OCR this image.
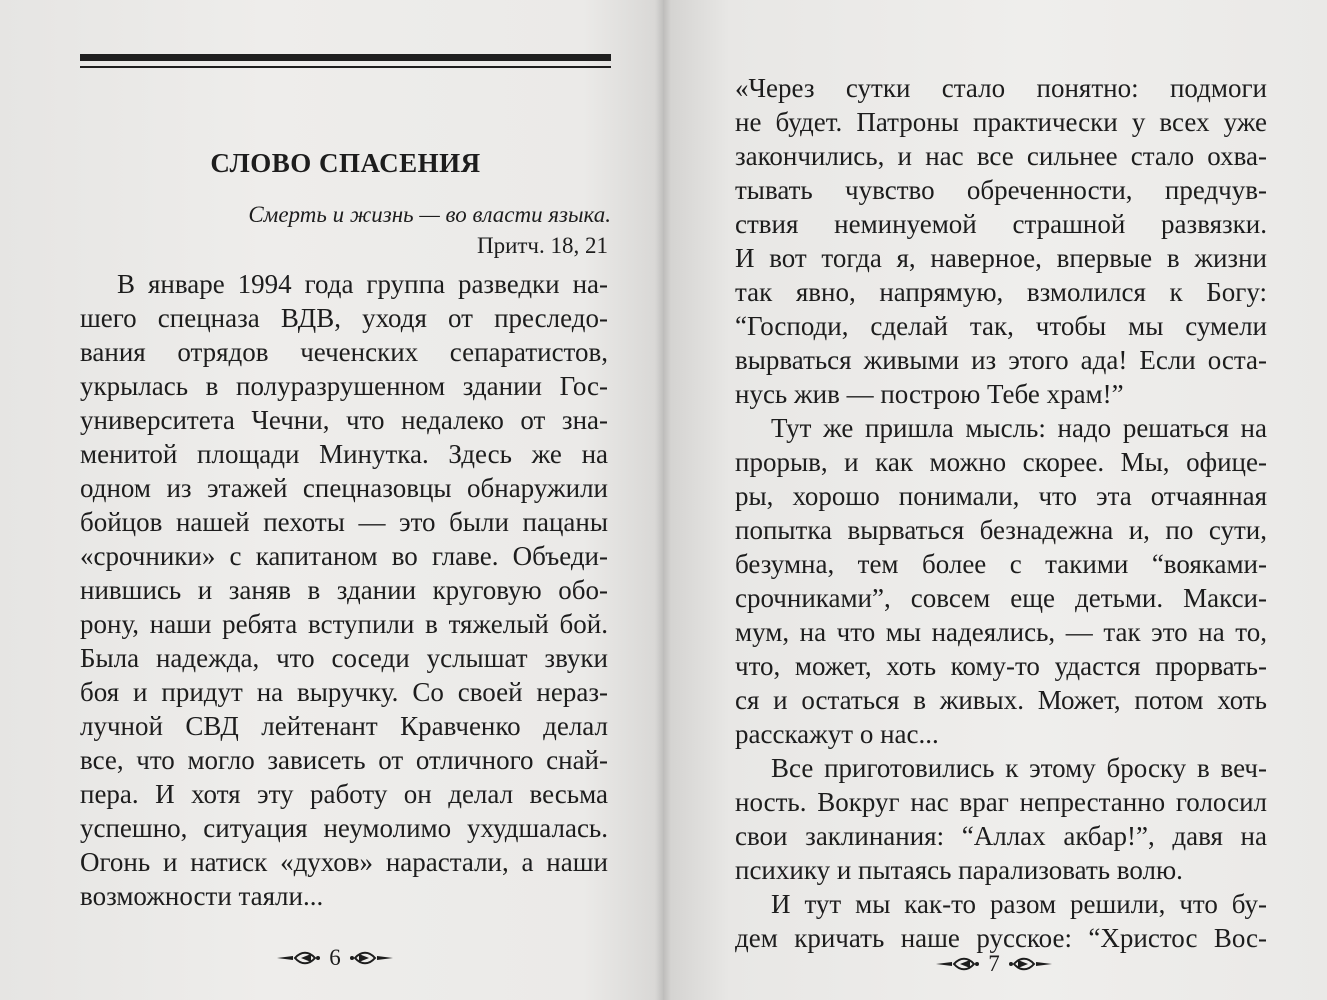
СЛОВО СПАСЕНИЯ

Смерть и жизнь — во власти языка.

Притч. 18, 21

В январе 1994 года группа разведки на-

шего спецназа ВДВ, уходя от преследо-

вания отрядов чеченских сепаратистов,

укрылась в полуразрушенном здании Гос-

университета Чечни, что недалеко от зна-

менитой площади Минутка. Здесь же на

одном из этажей спецназовцы обнаружили

бойцов нашей пехоты — это были пацаны

«срочники» с капитаном во главе. Объеди-

нившись и заняв в здании круговую обо-

рону, наши ребята вступили в тяжелый бой.

Была надежда, что соседи услышат звуки

боя и придут на выручку. Со своей нераз-

лучной СВД лейтенант Кравченко делал

все, что могло зависеть от отличного снай-

пера. И хотя эту работу он делал весьма

успешно, ситуация неумолимо ухудшалась.

Огонь и натиск «духов» нарастали, а наши

возможности таяли...

6

«Через сутки стало понятно: подмоги

не будет. Патроны практически у всех уже

закончились, и нас все сильнее стало охва-

тывать чувство обреченности, предчув-

ствия неминуемой страшной развязки.

И вот тогда я, наверное, впервые в жизни

так явно, напрямую, взмолился к Богу:

“Господи, сделай так, чтобы мы сумели

вырваться живыми из этого ада! Если оста-

нусь жив — построю Тебе храм!”

Тут же пришла мысль: надо решаться на

прорыв, и как можно скорее. Мы, офице-

ры, хорошо понимали, что эта отчаянная

попытка вырваться безнадежна и, по сути,

безумна, тем более с такими “вояками-

срочниками”, совсем еще детьми. Макси-

мум, на что мы надеялись, — так это на то,

что, может, хоть кому-то удастся прорвать-

ся и остаться в живых. Может, потом хоть

расскажут о нас...

Все приготовились к этому броску в веч-

ность. Вокруг нас враг непрестанно голосил

свои заклинания: “Аллах акбар!”, давя на

психику и пытаясь парализовать волю.

И тут мы как-то разом решили, что бу-

дем кричать наше русское: “Христос Вос-

7
